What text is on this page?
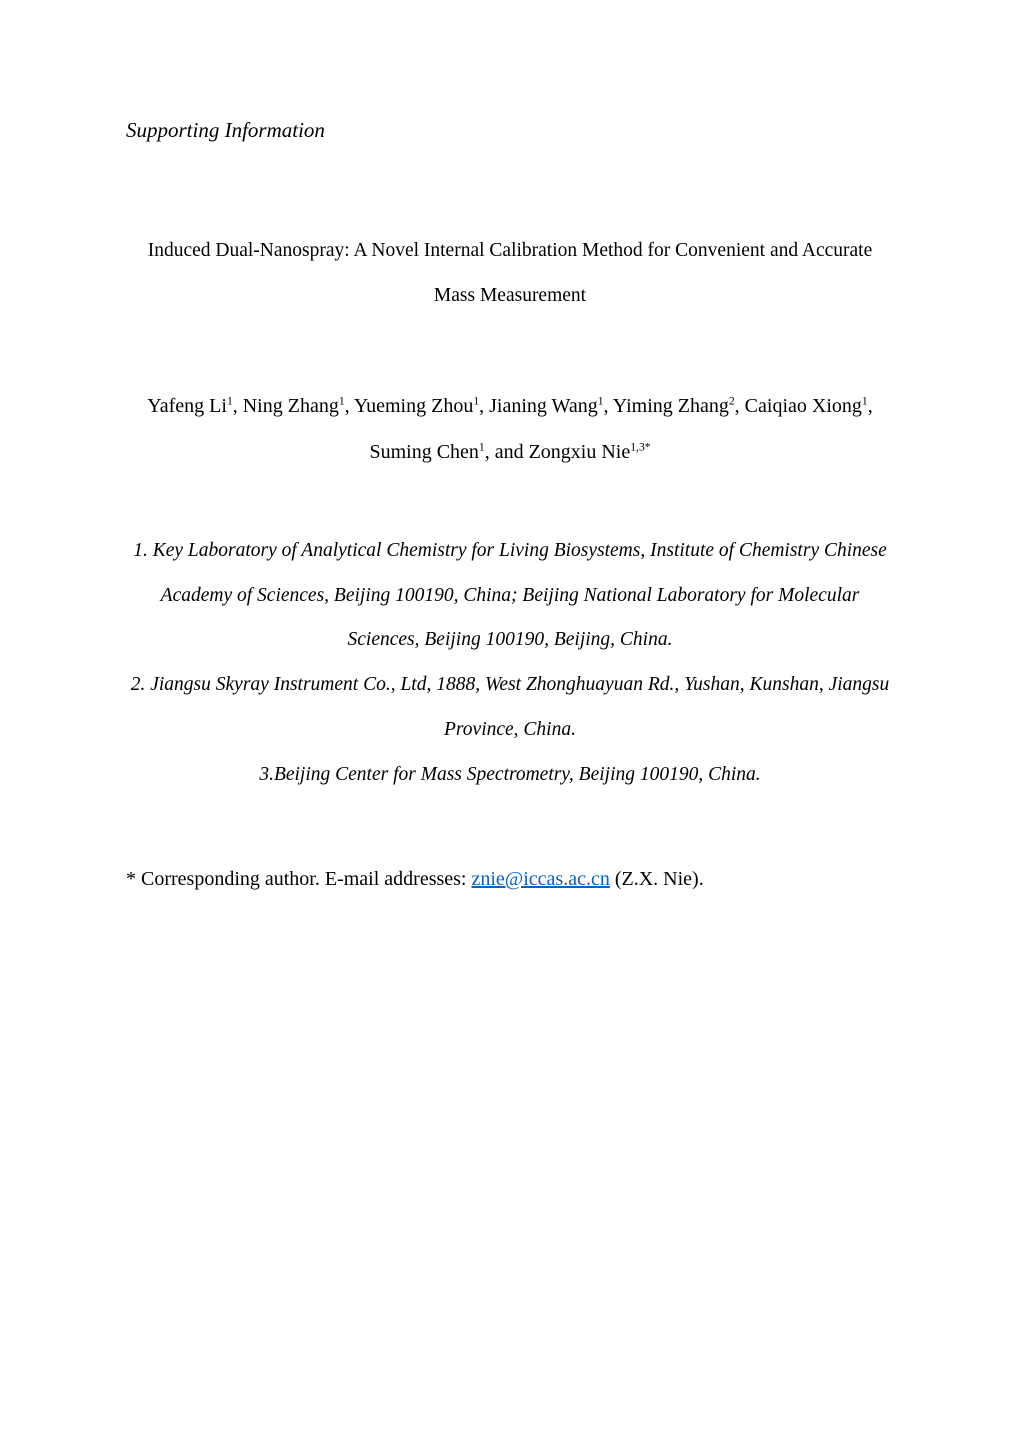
Supporting Information

Induced Dual-Nanospray: A Novel Internal Calibration Method for Convenient and Accurate Mass Measurement

Yafeng Li$^1$, Ning Zhang$^1$, Yueming Zhou$^1$, Jianing Wang$^1$, Yiming Zhang$^2$, Caiqiao Xiong$^1$, Suming Chen$^1$, and Zongxiu Nie$^{1,3*}$

1. Key Laboratory of Analytical Chemistry for Living Biosystems, Institute of Chemistry Chinese Academy of Sciences, Beijing 100190, China; Beijing National Laboratory for Molecular Sciences, Beijing 100190, Beijing, China.

2. Jiangsu Skyray Instrument Co., Ltd, 1888, West Zhonghuayuan Rd., Yushan, Kunshan, Jiangsu Province, China.

3.Beijing Center for Mass Spectrometry, Beijing 100190, China.

* Corresponding author. E-mail addresses: znie@iccas.ac.cn (Z.X. Nie).
